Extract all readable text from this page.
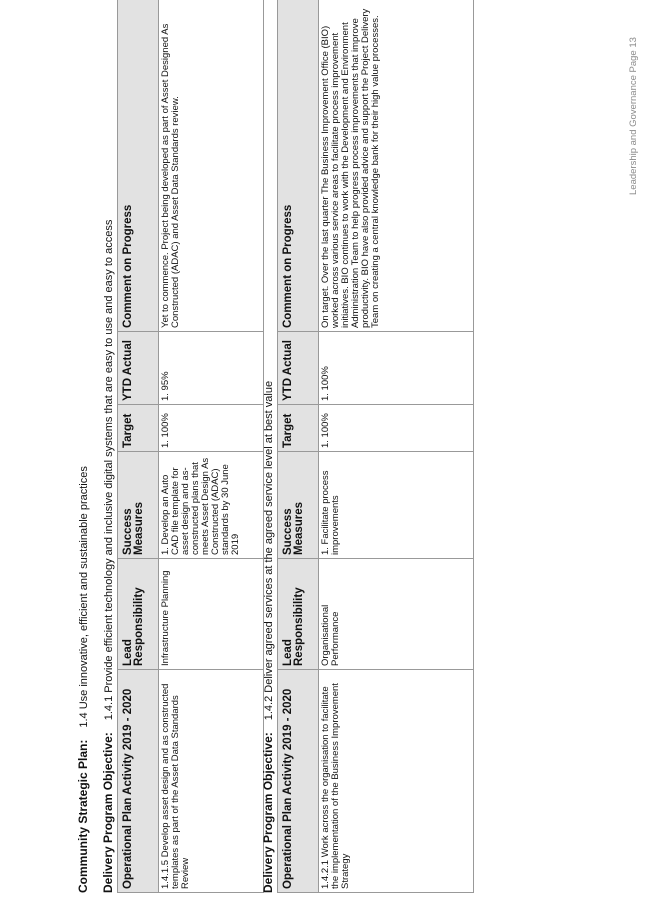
Community Strategic Plan:1.4 Use innovative, efficient and sustainable practices
Delivery Program Objective:1.4.1 Provide efficient technology and inclusive digital systems that are easy to use and easy to access
Operational Plan Activity 2019 - 2020	Lead Responsibility	Success Measures	Target	YTD Actual	Comment on Progress
1.4.1.5 Develop asset design and as constructed templates as part of the Asset Data Standards Review	Infrastructure Planning	1. Develop an Auto CAD file template for asset design and as-constructed plans that meets Asset Design As Constructed (ADAC) standards by 30 June 2019	1. 100%	1. 95%	Yet to commence. Project being developed as part of Asset Designed As Constructed (ADAC) and Asset Data Standards review.
Delivery Program Objective:1.4.2 Deliver agreed services at the agreed service level at best value
Operational Plan Activity 2019 - 2020	Lead Responsibility	Success Measures	Target	YTD Actual	Comment on Progress
1.4.2.1 Work across the organisation to facilitate the implementation of the Business Improvement Strategy	Organisational Performance	1. Facilitate process improvements	1. 100%	1. 100%	On target. Over the last quarter The Business Improvement Office (BIO) worked across various service areas to facilitate process improvement initiatives. BIO continues to work with the Development and Environment Administration Team to help progress process improvements that improve productivity. BIO have also provided advice and support the Project Delivery Team on creating a central knowledge bank for their high value processes.	Leadership and Governance Page 13
